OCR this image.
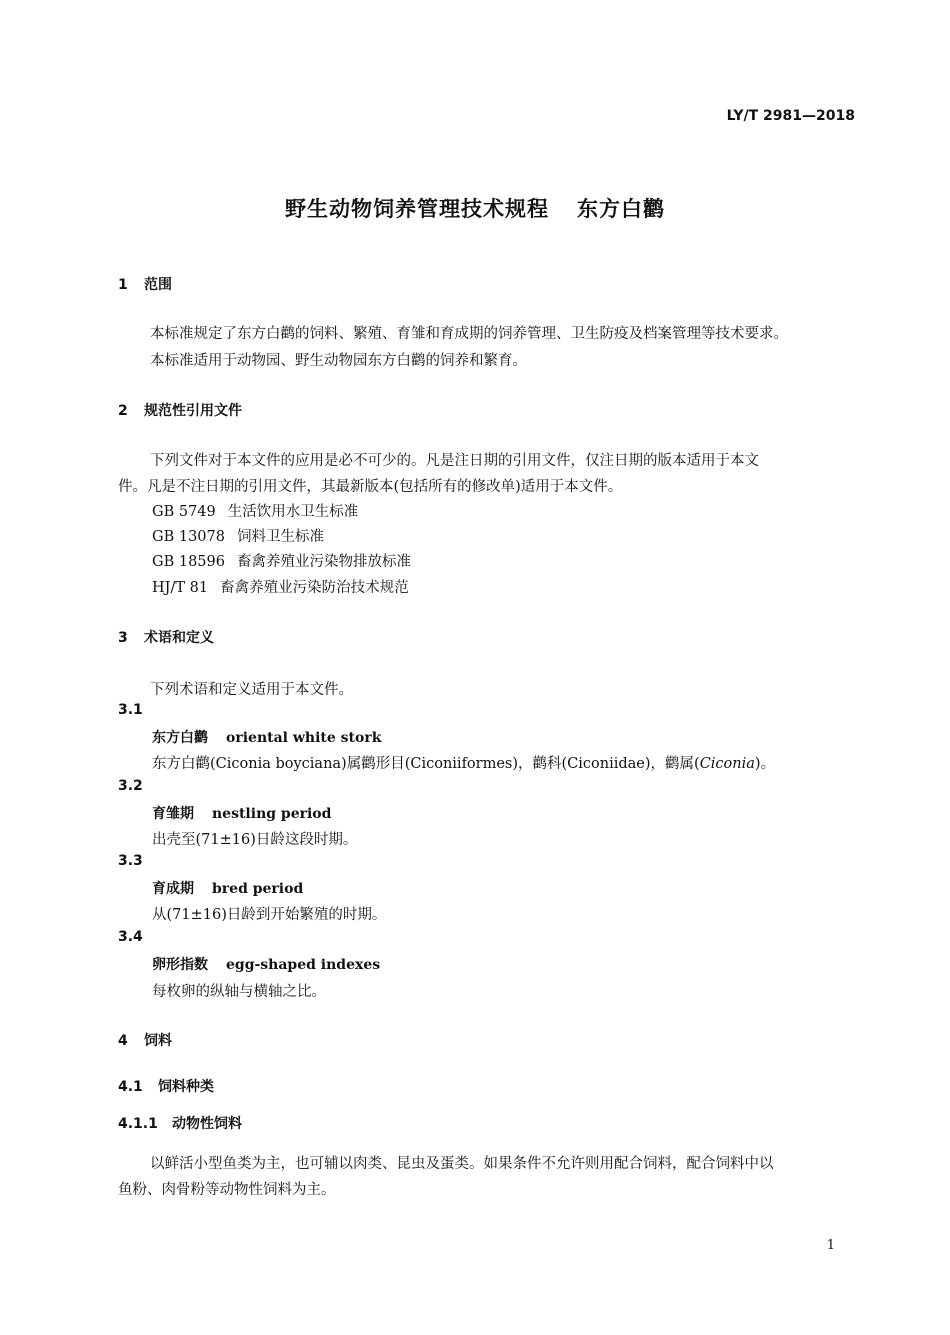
LY/T 2981—2018
野生动物饲养管理技术规程 东方白鹳
1 范围
本标准规定了东方白鹳的饲料、繁殖、育雏和育成期的饲养管理、卫生防疫及档案管理等技术要求。
本标准适用于动物园、野生动物园东方白鹳的饲养和繁育。
2 规范性引用文件
下列文件对于本文件的应用是必不可少的。凡是注日期的引用文件，仅注日期的版本适用于本文
件。凡是不注日期的引用文件，其最新版本(包括所有的修改单)适用于本文件。
GB 5749 生活饮用水卫生标准
GB 13078 饲料卫生标准
GB 18596 畜禽养殖业污染物排放标准
HJ/T 81 畜禽养殖业污染防治技术规范
3 术语和定义
下列术语和定义适用于本文件。
3.1
东方白鹳 oriental white stork
东方白鹳(Ciconia boyciana)属鹳形目(Ciconiiformes)，鹳科(Ciconiidae)，鹳属(Ciconia)。
3.2
育雏期 nestling period
出壳至(71±16)日龄这段时期。
3.3
育成期 bred period
从(71±16)日龄到开始繁殖的时期。
3.4
卵形指数 egg-shaped indexes
每枚卵的纵轴与横轴之比。
4 饲料
4.1 饲料种类
4.1.1 动物性饲料
以鲜活小型鱼类为主，也可辅以肉类、昆虫及蛋类。如果条件不允许则用配合饲料，配合饲料中以
鱼粉、肉骨粉等动物性饲料为主。
1
